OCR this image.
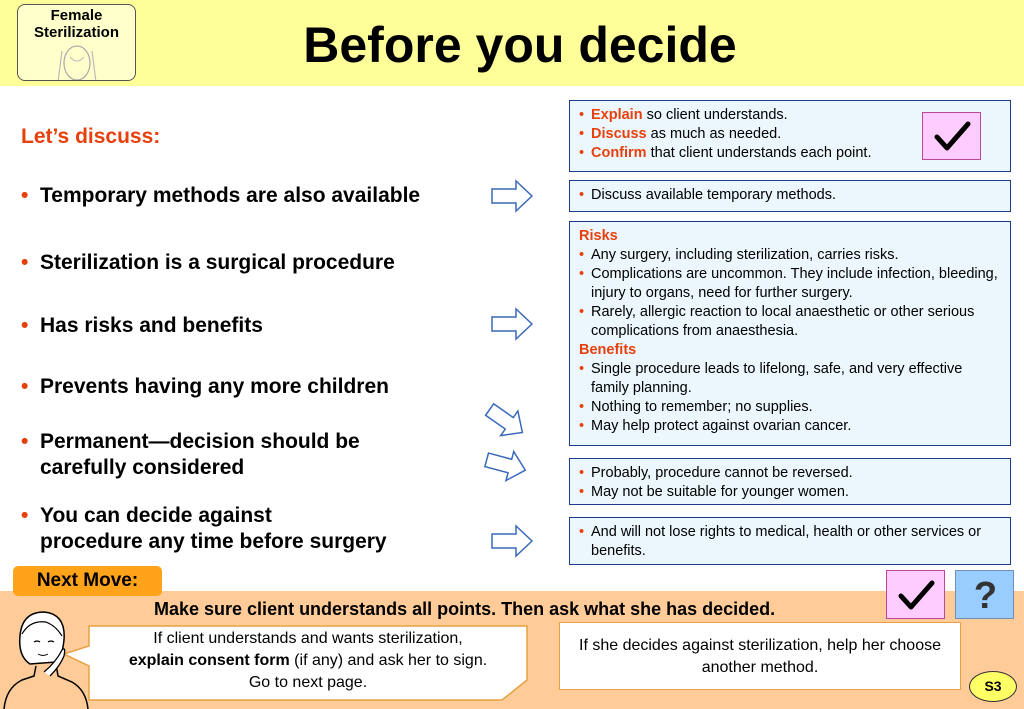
Female
Sterilization	Before you decide
Let’s discuss:
• Temporary methods are also available
• Sterilization is a surgical procedure
• Has risks and benefits
• Prevents having any more children
• Permanent—decision should be
carefully considered
• You can decide against
procedure any time before surgery
• Explain so client understands.
• Discuss as much as needed.
• Confirm that client understands each point.
• Discuss available temporary methods.
Risks
• Any surgery, including sterilization, carries risks.
• Complications are uncommon. They include infection, bleeding, injury to organs, need for further surgery.
• Rarely, allergic reaction to local anaesthetic or other serious complications from anaesthesia.
Benefits
• Single procedure leads to lifelong, safe, and very effective family planning.
• Nothing to remember; no supplies.
• May help protect against ovarian cancer.
• Probably, procedure cannot be reversed.
• May not be suitable for younger women.
• And will not lose rights to medical, health or other services or benefits.
Next Move:
Make sure client understands all points. Then ask what she has decided.	?
If client understands and wants sterilization,
explain consent form (if any) and ask her to sign.
Go to next page.
If she decides against sterilization, help her choose another method.
S3
